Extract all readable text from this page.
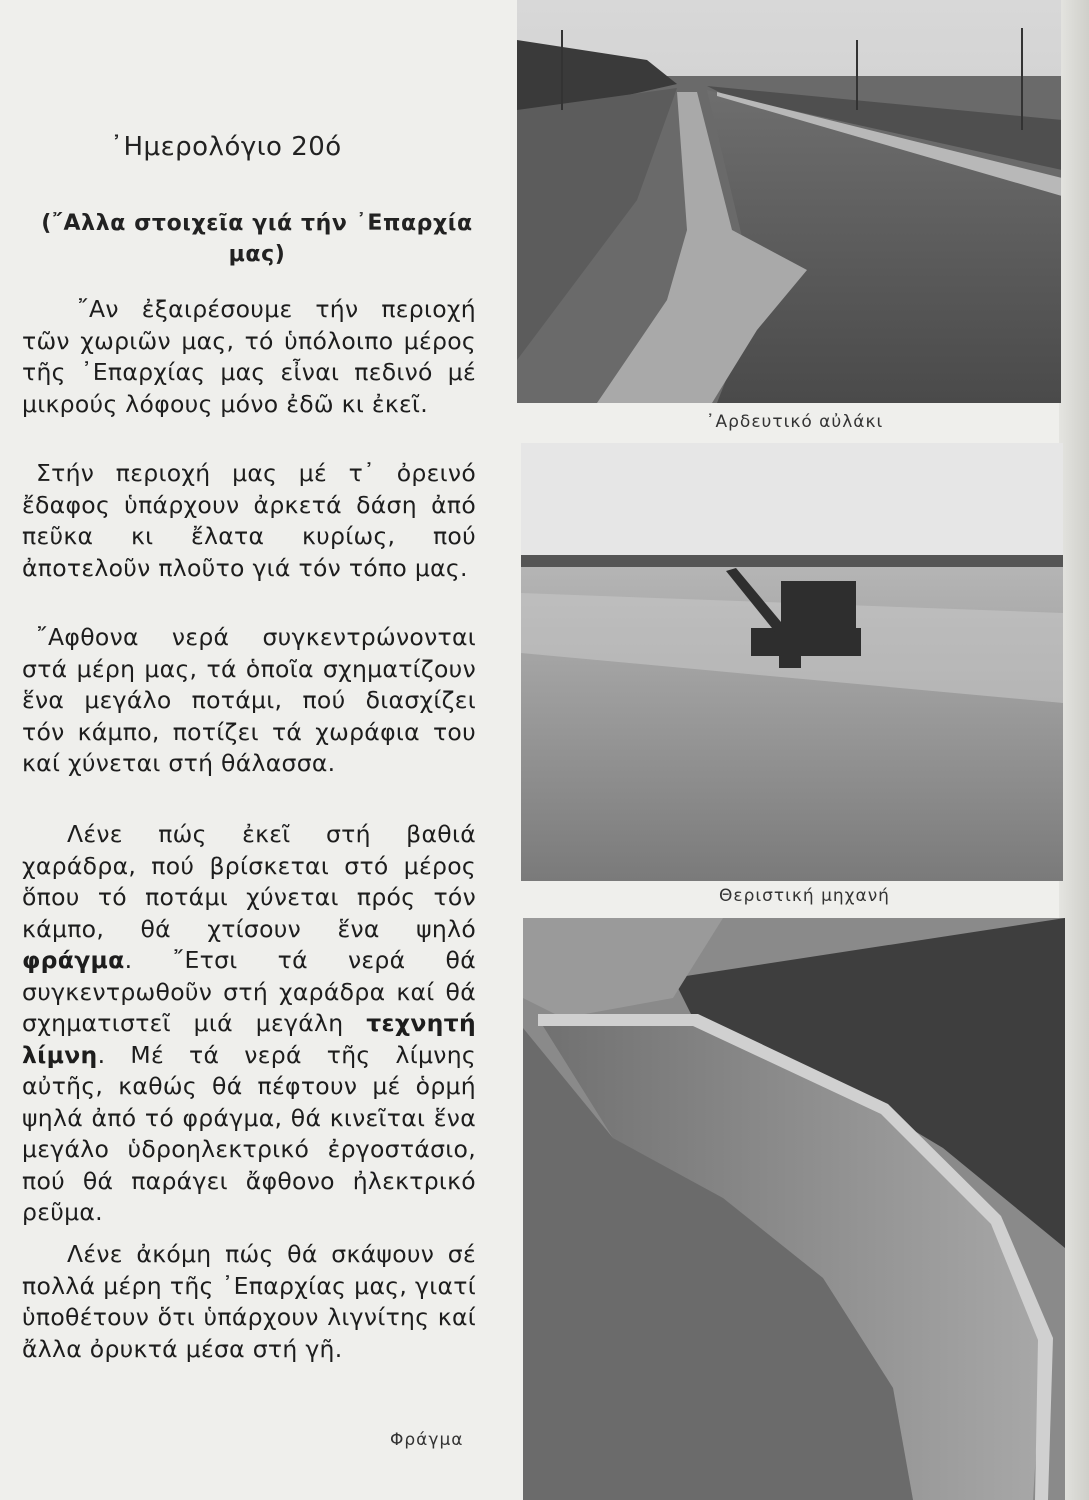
᾿Ημερολόγιο 20ό
(῎Αλλα στοιχεῖα γιά τήν ᾿Επαρχία μας)

῎Αν ἐξαιρέσουμε τήν περιοχή τῶν χωριῶν μας, τό ὑπόλοιπο μέρος τῆς ᾿Επαρχίας μας εἶναι πεδινό μέ μικρούς λόφους μόνο ἐδῶ κι ἐκεῖ.

Στήν περιοχή μας μέ τ᾿ ὀρεινό ἔδαφος ὑπάρχουν ἀρκετά δάση ἀπό πεῦκα κι ἔλατα κυρίως, πού ἀποτελοῦν πλοῦτο γιά τόν τόπο μας.

῎Αφθονα νερά συγκεντρώνονται στά μέρη μας, τά ὁποῖα σχηματίζουν ἕνα μεγάλο ποτάμι, πού διασχίζει τόν κάμπο, ποτίζει τά χωράφια του καί χύνεται στή θάλασσα.

Λένε πώς ἐκεῖ στή βαθιά χαράδρα, πού βρίσκεται στό μέρος ὅπου τό ποτάμι χύνεται πρός τόν κάμπο, θά χτίσουν ἕνα ψηλό φράγμα. ῎Ετσι τά νερά θά συγκεντρωθοῦν στή χαράδρα καί θά σχηματιστεῖ μιά μεγάλη τεχνητή λίμνη. Μέ τά νερά τῆς λίμνης αὐτῆς, καθώς θά πέφτουν μέ ὁρμή ψηλά ἀπό τό φράγμα, θά κινεῖται ἕνα μεγάλο ὑδροηλεκτρικό ἐργοστάσιο, πού θά παράγει ἄφθονο ἠλεκτρικό ρεῦμα.

Λένε ἀκόμη πώς θά σκάψουν σέ πολλά μέρη τῆς ᾿Επαρχίας μας, γιατί ὑποθέτουν ὅτι ὑπάρχουν λιγνίτης καί ἄλλα ὀρυκτά μέσα στή γῆ.

᾿Αρδευτικό αὐλάκι

Θεριστική μηχανή

Φράγμα
